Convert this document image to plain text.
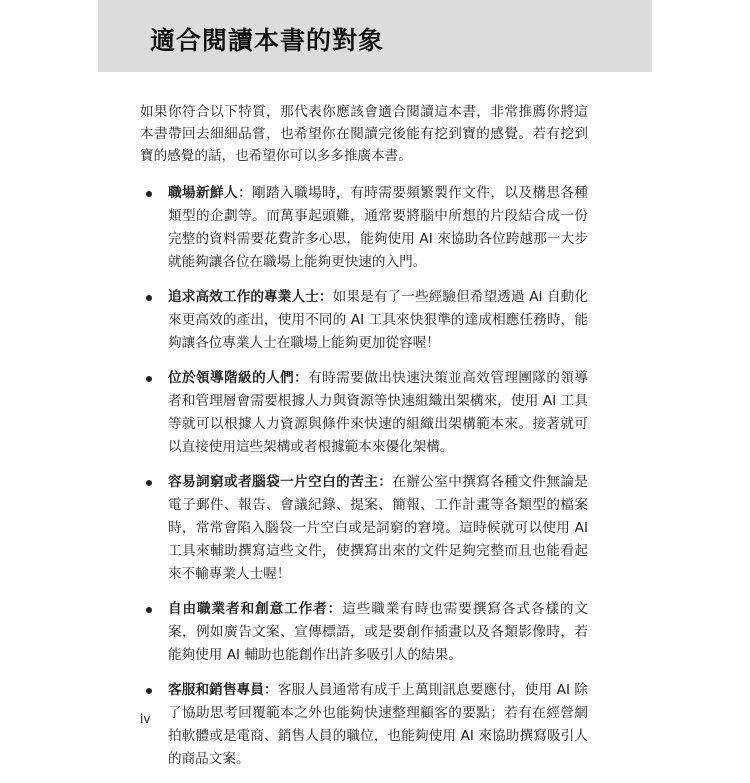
適合閱讀本書的對象

如果你符合以下特質，那代表你應該會適合閱讀這本書，非常推薦你將這本書帶回去細細品嘗，也希望你在閱讀完後能有挖到寶的感覺。若有挖到寶的感覺的話，也希望你可以多多推廣本書。

職場新鮮人：剛踏入職場時，有時需要頻繁製作文件，以及構思各種類型的企劃等。而萬事起頭難，通常要將腦中所想的片段結合成一份完整的資料需要花費許多心思，能夠使用 AI 來協助各位跨越那一大步就能夠讓各位在職場上能夠更快速的入門。
追求高效工作的專業人士：如果是有了一些經驗但希望透過 AI 自動化來更高效的產出，使用不同的 AI 工具來快狠準的達成相應任務時，能夠讓各位專業人士在職場上能夠更加從容喔！
位於領導階級的人們：有時需要做出快速決策並高效管理團隊的領導者和管理層會需要根據人力與資源等快速組織出架構來，使用 AI 工具等就可以根據人力資源與條件來快速的組織出架構範本來。接著就可以直接使用這些架構或者根據範本來優化架構。
容易詞窮或者腦袋一片空白的苦主：在辦公室中撰寫各種文件無論是電子郵件、報告、會議紀錄、提案、簡報、工作計畫等各類型的檔案時，常常會陷入腦袋一片空白或是詞窮的窘境。這時候就可以使用 AI 工具來輔助撰寫這些文件，使撰寫出來的文件足夠完整而且也能看起來不輸專業人士喔！
自由職業者和創意工作者：這些職業有時也需要撰寫各式各樣的文案，例如廣告文案、宣傳標語，或是要創作插畫以及各類影像時，若能夠使用 AI 輔助也能創作出許多吸引人的結果。
客服和銷售專員：客服人員通常有成千上萬則訊息要應付，使用 AI 除了協助思考回覆範本之外也能夠快速整理顧客的要點；若有在經營網拍軟體或是電商、銷售人員的職位，也能夠使用 AI 來協助撰寫吸引人的商品文案。
iv
